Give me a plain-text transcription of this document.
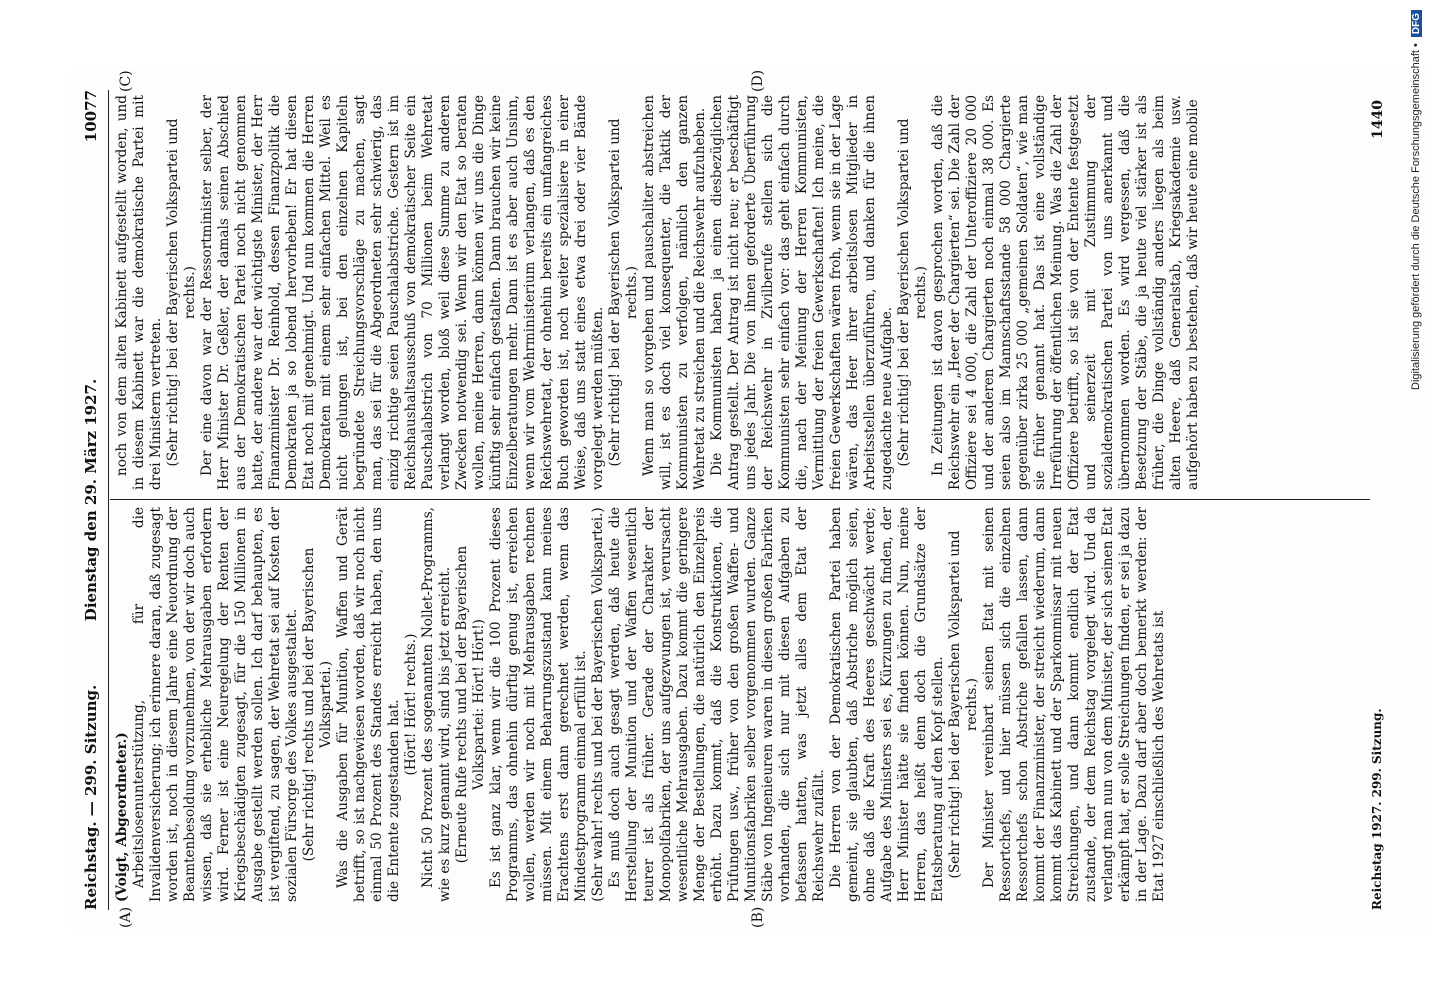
Reichstag. — 299. Sitzung.
Dienstag den 29. März 1927.
10077
(A)	(B)
(C)	(D)

(Voigt, Abgeordneter.) Arbeitslosenunterstützung, für die Invalidenversicherung; ich erinnere daran, daß zugesagt worden ist, noch in diesem Jahre eine Neuordnung der Beamtenbesoldung vorzunehmen, von der wir doch auch wissen, daß sie erhebliche Mehrausgaben erfordern wird. Ferner ist eine Neuregelung der Renten der Kriegsbeschädigten zugesagt, für die 150 Millionen in Ausgabe gestellt werden sollen. Ich darf behaupten, es ist vergiftend, zu sagen, der Wehretat sei auf Kosten der sozialen Fürsorge des Volkes ausgestaltet. (Sehr richtig! rechts und bei der Bayerischen Volkspartei.) Was die Ausgaben für Munition, Waffen und Gerät betrifft, so ist nachgewiesen worden, daß wir noch nicht einmal 50 Prozent des Standes erreicht haben, den uns die Entente zugestanden hat. (Hört! Hört! rechts.) Nicht 50 Prozent des sogenannten Nollet-Programms, wie es kurz genannt wird, sind bis jetzt erreicht. (Erneute Rufe rechts und bei der Bayerischen Volkspartei: Hört! Hört!) Es ist ganz klar, wenn wir die 100 Prozent dieses Programms, das ohnehin dürftig genug ist, erreichen wollen, werden wir noch mit Mehrausgaben rechnen müssen. Mit einem Beharrungszustand kann meines Erachtens erst dann gerechnet werden, wenn das Mindestprogramm einmal erfüllt ist. (Sehr wahr! rechts und bei der Bayerischen Volkspartei.) Es muß doch auch gesagt werden, daß heute die Herstellung der Munition und der Waffen wesentlich teurer ist als früher. Gerade der Charakter der Monopolfabriken, der uns aufgezwungen ist, verursacht wesentliche Mehrausgaben. Dazu kommt die geringere Menge der Bestellungen, die natürlich den Einzelpreis erhöht. Dazu kommt, daß die Konstruktionen, die Prüfungen usw., früher von den großen Waffen- und Munitionsfabriken selber vorgenommen wurden. Ganze Stäbe von Ingenieuren waren in diesen großen Fabriken vorhanden, die sich nur mit diesen Aufgaben zu befassen hatten, was jetzt alles dem Etat der Reichswehr zufällt. Die Herren von der Demokratischen Partei haben gemeint, sie glaubten, daß Abstriche möglich seien, ohne daß die Kraft des Heeres geschwächt werde; Aufgabe des Ministers sei es, Kürzungen zu finden, der Herr Minister hätte sie finden können. Nun, meine Herren, das heißt denn doch die Grundsätze der Etatsberatung auf den Kopf stellen. (Sehr richtig! bei der Bayerischen Volkspartei und rechts.) Der Minister vereinbart seinen Etat mit seinen Ressortchefs, und hier müssen sich die einzelnen Ressortchefs schon Abstriche gefallen lassen, dann kommt der Finanzminister, der streicht wiederum, dann kommt das Kabinett und der Sparkommissar mit neuen Streichungen, und dann kommt endlich der Etat zustande, der dem Reichstag vorgelegt wird. Und da verlangt man nun von dem Minister, der sich seinen Etat erkämpft hat, er solle Streichungen finden, er sei ja dazu in der Lage. Dazu darf aber doch bemerkt werden: der Etat 1927 einschließlich des Wehretats ist

noch von dem alten Kabinett aufgestellt worden, und in diesem Kabinett war die demokratische Partei mit drei Ministern vertreten. (Sehr richtig! bei der Bayerischen Volkspartei und rechts.) Der eine davon war der Ressortminister selber, der Herr Minister Dr. Geßler, der damals seinen Abschied aus der Demokratischen Partei noch nicht genommen hatte, der andere war der wichtigste Minister, der Herr Finanzminister Dr. Reinhold, dessen Finanzpolitik die Demokraten ja so lobend hervorheben! Er hat diesen Etat noch mit genehmigt. Und nun kommen die Herren Demokraten mit einem sehr einfachen Mittel. Weil es nicht gelungen ist, bei den einzelnen Kapiteln begründete Streichungsvorschläge zu machen, sagt man, das sei für die Abgeordneten sehr schwierig, das einzig richtige seien Pauschalabstriche. Gestern ist im Reichshaushaltsausschuß von demokratischer Seite ein Pauschalabstrich von 70 Millionen beim Wehretat verlangt worden, bloß weil diese Summe zu anderen Zwecken notwendig sei. Wenn wir den Etat so beraten wollen, meine Herren, dann können wir uns die Dinge künftig sehr einfach gestalten. Dann brauchen wir keine Einzelberatungen mehr. Dann ist es aber auch Unsinn, wenn wir vom Wehrministerium verlangen, daß es den Reichswehretat, der ohnehin bereits ein umfangreiches Buch geworden ist, noch weiter spezialisiere in einer Weise, daß uns statt eines etwa drei oder vier Bände vorgelegt werden müßten. (Sehr richtig! bei der Bayerischen Volkspartei und rechts.) Wenn man so vorgehen und pauschaliter abstreichen will, ist es doch viel konsequenter, die Taktik der Kommunisten zu verfolgen, nämlich den ganzen Wehretat zu streichen und die Reichswehr aufzuheben. Die Kommunisten haben ja einen diesbezüglichen Antrag gestellt. Der Antrag ist nicht neu; er beschäftigt uns jedes Jahr. Die von ihnen geforderte Überführung der Reichswehr in Zivilberufe stellen sich die Kommunisten sehr einfach vor: das geht einfach durch die, nach der Meinung der Herren Kommunisten, Vermittlung der freien Gewerkschaften! Ich meine, die freien Gewerkschaften wären froh, wenn sie in der Lage wären, das Heer ihrer arbeitslosen Mitglieder in Arbeitsstellen überzuführen, und danken für die ihnen zugedachte neue Aufgabe. (Sehr richtig! bei der Bayerischen Volkspartei und rechts.) In Zeitungen ist davon gesprochen worden, daß die Reichswehr ein „Heer der Chargierten“ sei. Die Zahl der Offiziere sei 4 000, die Zahl der Unteroffiziere 20 000 und der anderen Chargierten noch einmal 38 000. Es seien also im Mannschaftsstande 58 000 Chargierte gegenüber zirka 25 000 „gemeinen Soldaten“, wie man sie früher genannt hat. Das ist eine vollständige Irreführung der öffentlichen Meinung. Was die Zahl der Offiziere betrifft, so ist sie von der Entente festgesetzt und seinerzeit mit Zustimmung der sozialdemokratischen Partei von uns anerkannt und übernommen worden. Es wird vergessen, daß die Besetzung der Stäbe, die ja heute viel stärker ist als früher, die Dinge vollständig anders liegen als beim alten Heere, daß Generalstab, Kriegsakademie usw. aufgehört haben zu bestehen, daß wir heute eine mobile

Reichstag 1927. 299. Sitzung.
1440 Digitalisierung gefördert durch die Deutsche Forschungsgemeinschaft •
DFG
